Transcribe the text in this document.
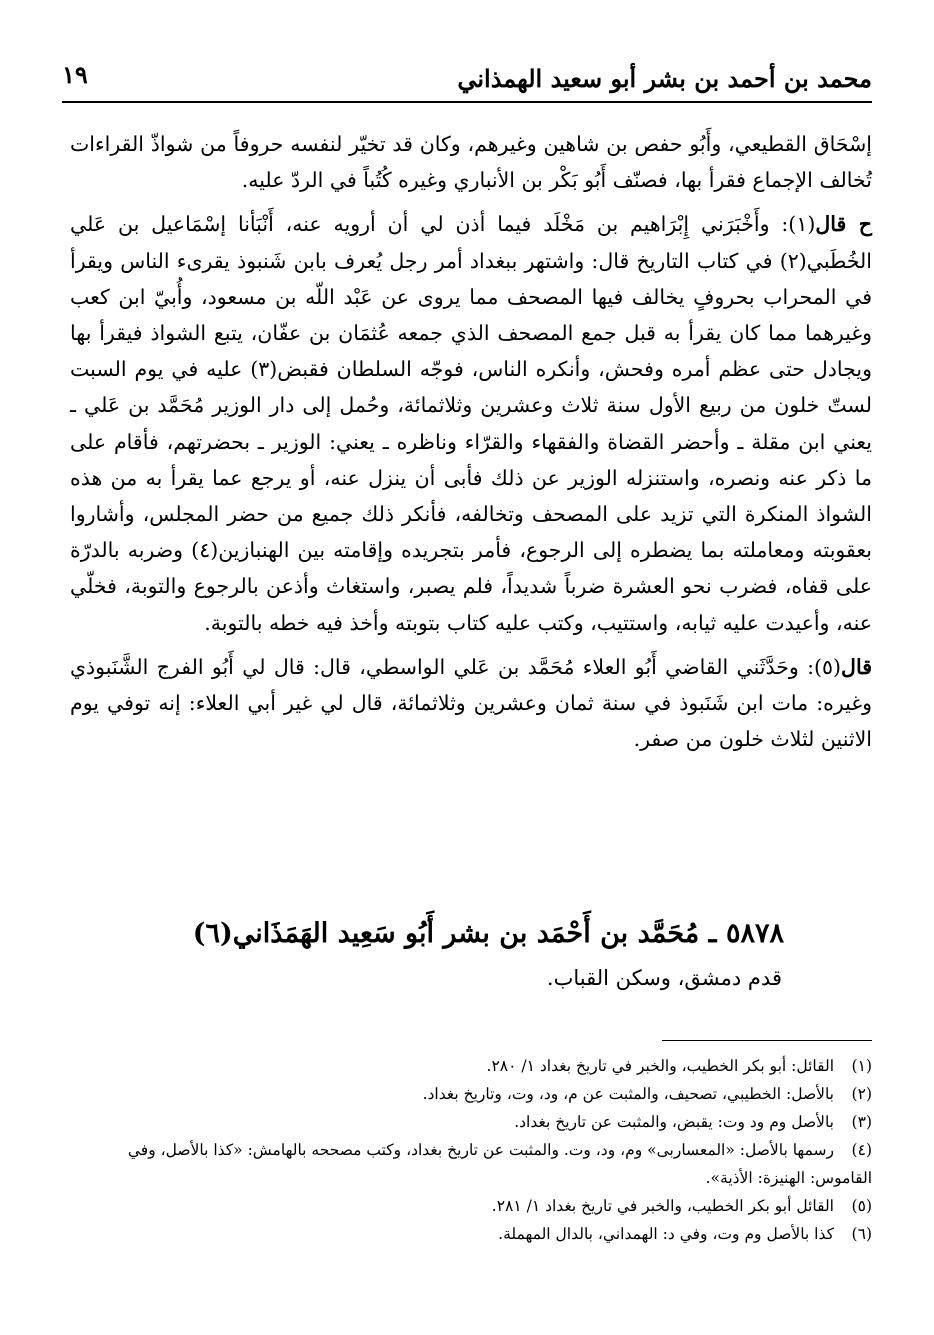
محمد بن أحمد بن بشر أبو سعيد الهمذاني
١٩

إسْحَاق القطيعي، وأَبُو حفص بن شاهين وغيرهم، وكان قد تخيّر لنفسه حروفاً من شواذّ القراءات تُخالف الإجماع فقرأ بها، فصنّف أَبُو بَكْر بن الأنباري وغيره كُتُباً في الردّ عليه.

ح قال(١): وأَخْبَرَني إِبْرَاهيم بن مَخْلَد فيما أذن لي أن أرويه عنه، أَنْبَأنا إسْمَاعيل بن عَلي الخُطَبي(٢) في كتاب التاريخ قال: واشتهر ببغداد أمر رجل يُعرف بابن شَنبوذ يقرىء الناس ويقرأ في المحراب بحروفٍ يخالف فيها المصحف مما يروى عن عَبْد اللّه بن مسعود، وأُبيّ ابن كعب وغيرهما مما كان يقرأ به قبل جمع المصحف الذي جمعه عُثمَان بن عفّان، يتبع الشواذ فيقرأ بها ويجادل حتى عظم أمره وفحش، وأنكره الناس، فوجّه السلطان فقبض(٣) عليه في يوم السبت لستّ خلون من ربيع الأول سنة ثلاث وعشرين وثلاثمائة، وحُمل إلى دار الوزير مُحَمَّد بن عَلي ـ يعني ابن مقلة ـ وأحضر القضاة والفقهاء والقرّاء وناظره ـ يعني: الوزير ـ بحضرتهم، فأقام على ما ذكر عنه ونصره، واستنزله الوزير عن ذلك فأبى أن ينزل عنه، أو يرجع عما يقرأ به من هذه الشواذ المنكرة التي تزيد على المصحف وتخالفه، فأنكر ذلك جميع من حضر المجلس، وأشاروا بعقوبته ومعاملته بما يضطره إلى الرجوع، فأمر بتجريده وإقامته بين الهنبازين(٤) وضربه بالدرّة على قفاه، فضرب نحو العشرة ضرباً شديداً، فلم يصبر، واستغاث وأذعن بالرجوع والتوبة، فخلّي عنه، وأعيدت عليه ثيابه، واستتيب، وكتب عليه كتاب بتوبته وأخذ فيه خطه بالتوبة.

قال(٥): وحَدَّثَني القاضي أَبُو العلاء مُحَمَّد بن عَلي الواسطي، قال: قال لي أَبُو الفرج الشَّنَبوذي وغيره: مات ابن شَنَبوذ في سنة ثمان وعشرين وثلاثمائة، قال لي غير أبي العلاء: إنه توفي يوم الاثنين لثلاث خلون من صفر.

٥٨٧٨ ـ مُحَمَّد بن أَحْمَد بن بشر أَبُو سَعِيد الهَمَذَاني(٦)
قدم دمشق، وسكن القباب.

(١)القائل: أبو بكر الخطيب، والخبر في تاريخ بغداد ١/ ٢٨٠.

(٢)بالأصل: الخطيبي، تصحيف، والمثبت عن م، ود، وت، وتاريخ بغداد.

(٣)بالأصل وم ود وت: يقبض، والمثبت عن تاريخ بغداد.

(٤)رسمها بالأصل: «المعساربى» وم، ود، وت. والمثبت عن تاريخ بغداد، وكتب مصححه بالهامش: «كذا بالأصل، وفي القاموس: الهنيزة: الأذية».

(٥)القائل أبو بكر الخطيب، والخبر في تاريخ بغداد ١/ ٢٨١.

(٦)كذا بالأصل وم وت، وفي د: الهمداني، بالدال المهملة.
